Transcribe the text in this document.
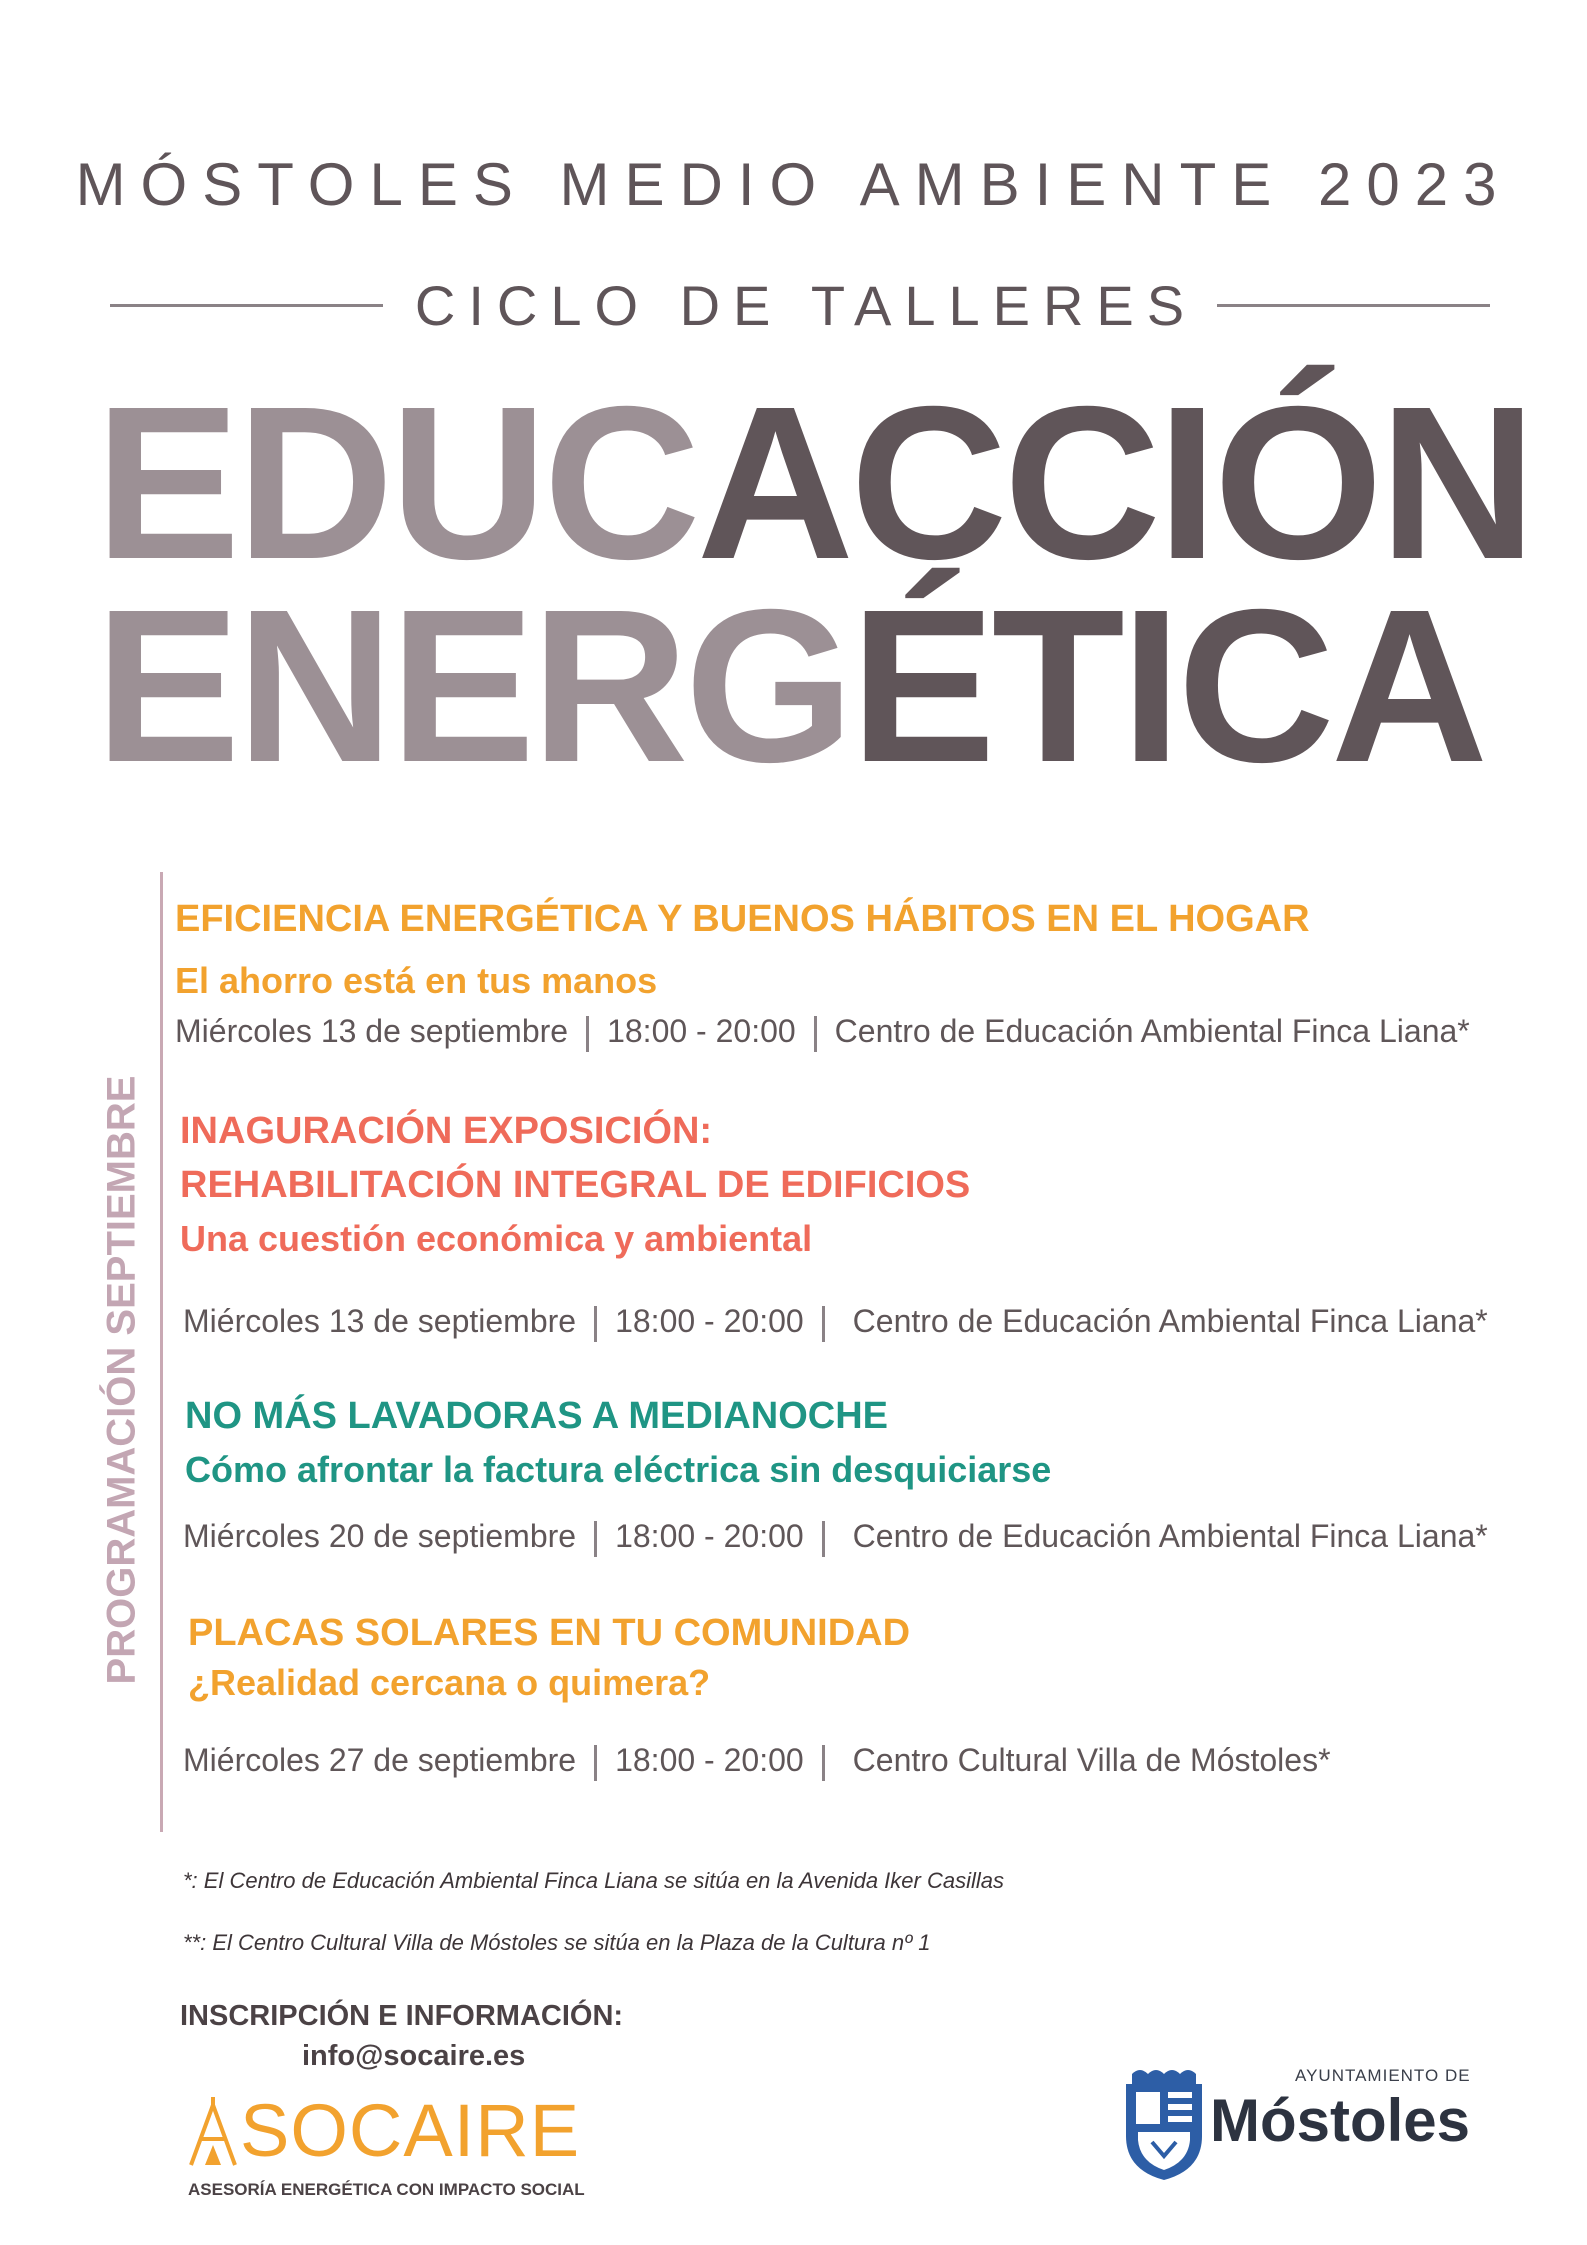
MÓSTOLES MEDIO AMBIENTE 2023
CICLO DE TALLERES
EDUCACCIÓN
ENERGÉTICA
PROGRAMACIÓN SEPTIEMBRE
EFICIENCIA ENERGÉTICA Y BUENOS HÁBITOS EN EL HOGAR
El ahorro está en tus manos
Miércoles 13 de septiembre 18:00 - 20:00 Centro de Educación Ambiental Finca Liana*
INAGURACIÓN EXPOSICIÓN:
REHABILITACIÓN INTEGRAL DE EDIFICIOS
Una cuestión económica y ambiental
Miércoles 13 de septiembre 18:00 - 20:00 Centro de Educación Ambiental Finca Liana*
NO MÁS LAVADORAS A MEDIANOCHE
Cómo afrontar la factura eléctrica sin desquiciarse
Miércoles 20 de septiembre 18:00 - 20:00 Centro de Educación Ambiental Finca Liana*
PLACAS SOLARES EN TU COMUNIDAD
¿Realidad cercana o quimera?
Miércoles 27 de septiembre 18:00 - 20:00 Centro Cultural Villa de Móstoles*
*: El Centro de Educación Ambiental Finca Liana se sitúa en la Avenida Iker Casillas
**: El Centro Cultural Villa de Móstoles se sitúa en la Plaza de la Cultura nº 1
INSCRIPCIÓN E INFORMACIÓN:
info@socaire.es
SOCAIRE
ASESORÍA ENERGÉTICA CON IMPACTO SOCIAL
AYUNTAMIENTO DE
Móstoles
